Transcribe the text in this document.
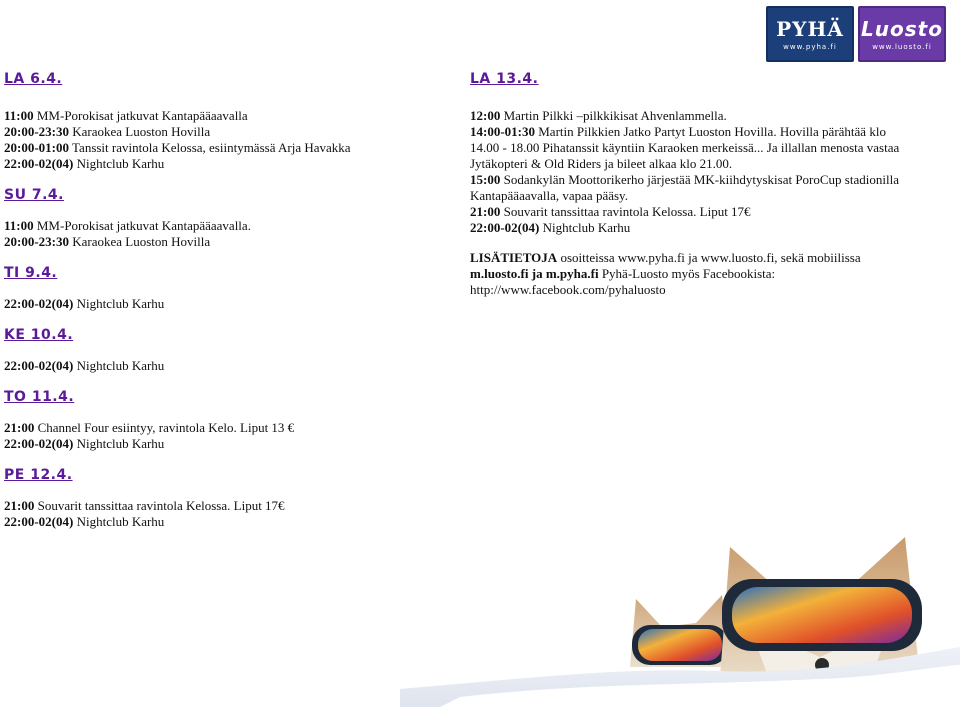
PYHÄ
www.pyha.fi
Luosto
www.luosto.fi
LA 6.4.
11:00 MM-Porokisat jatkuvat Kantapääaavalla
20:00-23:30 Karaokea Luoston Hovilla
20:00-01:00 Tanssit ravintola Kelossa, esiintymässä Arja Havakka
22:00-02(04) Nightclub Karhu
SU 7.4.
11:00 MM-Porokisat jatkuvat Kantapääaavalla.
20:00-23:30 Karaokea Luoston Hovilla
TI 9.4.
22:00-02(04) Nightclub Karhu
KE 10.4.
22:00-02(04) Nightclub Karhu
TO 11.4.
21:00 Channel Four esiintyy, ravintola Kelo. Liput 13 €
22:00-02(04) Nightclub Karhu
PE 12.4.
21:00 Souvarit tanssittaa ravintola Kelossa. Liput 17€
22:00-02(04) Nightclub Karhu
LA 13.4.
12:00 Martin Pilkki –pilkkikisat Ahvenlammella.
14:00-01:30 Martin Pilkkien Jatko Partyt Luoston Hovilla. Hovilla pärähtää klo 14.00 - 18.00 Pihatanssit käyntiin Karaoken merkeissä... Ja illallan menosta vastaa Jytäkopteri & Old Riders ja bileet alkaa klo 21.00.
15:00 Sodankylän Moottorikerho järjestää MK-kiihdytyskisat PoroCup stadionilla Kantapääaavalla, vapaa pääsy.
21:00 Souvarit tanssittaa ravintola Kelossa. Liput 17€
22:00-02(04) Nightclub Karhu

LISÄTIETOJA osoitteissa www.pyha.fi ja www.luosto.fi, sekä mobiilissa m.luosto.fi ja m.pyha.fi Pyhä-Luosto myös Facebookista: http://www.facebook.com/pyhaluosto
